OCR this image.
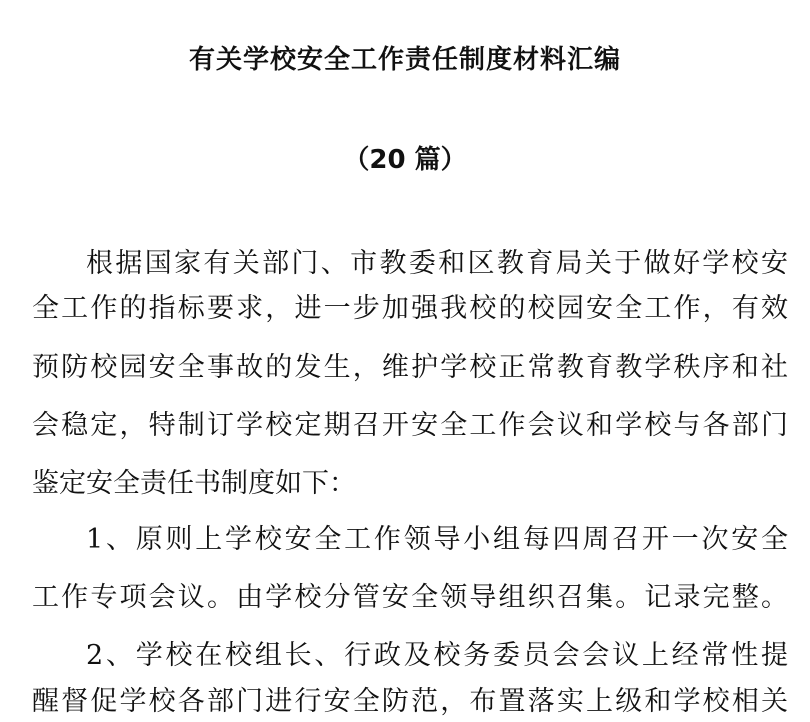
有关学校安全工作责任制度材料汇编
（20 篇）
根据国家有关部门、市教委和区教育局关于做好学校安
全工作的指标要求，进一步加强我校的校园安全工作，有效
预防校园安全事故的发生，维护学校正常教育教学秩序和社
会稳定，特制订学校定期召开安全工作会议和学校与各部门
鉴定安全责任书制度如下：
1、原则上学校安全工作领导小组每四周召开一次安全
工作专项会议。由学校分管安全领导组织召集。记录完整。
2、学校在校组长、行政及校务委员会会议上经常性提
醒督促学校各部门进行安全防范，布置落实上级和学校相关
